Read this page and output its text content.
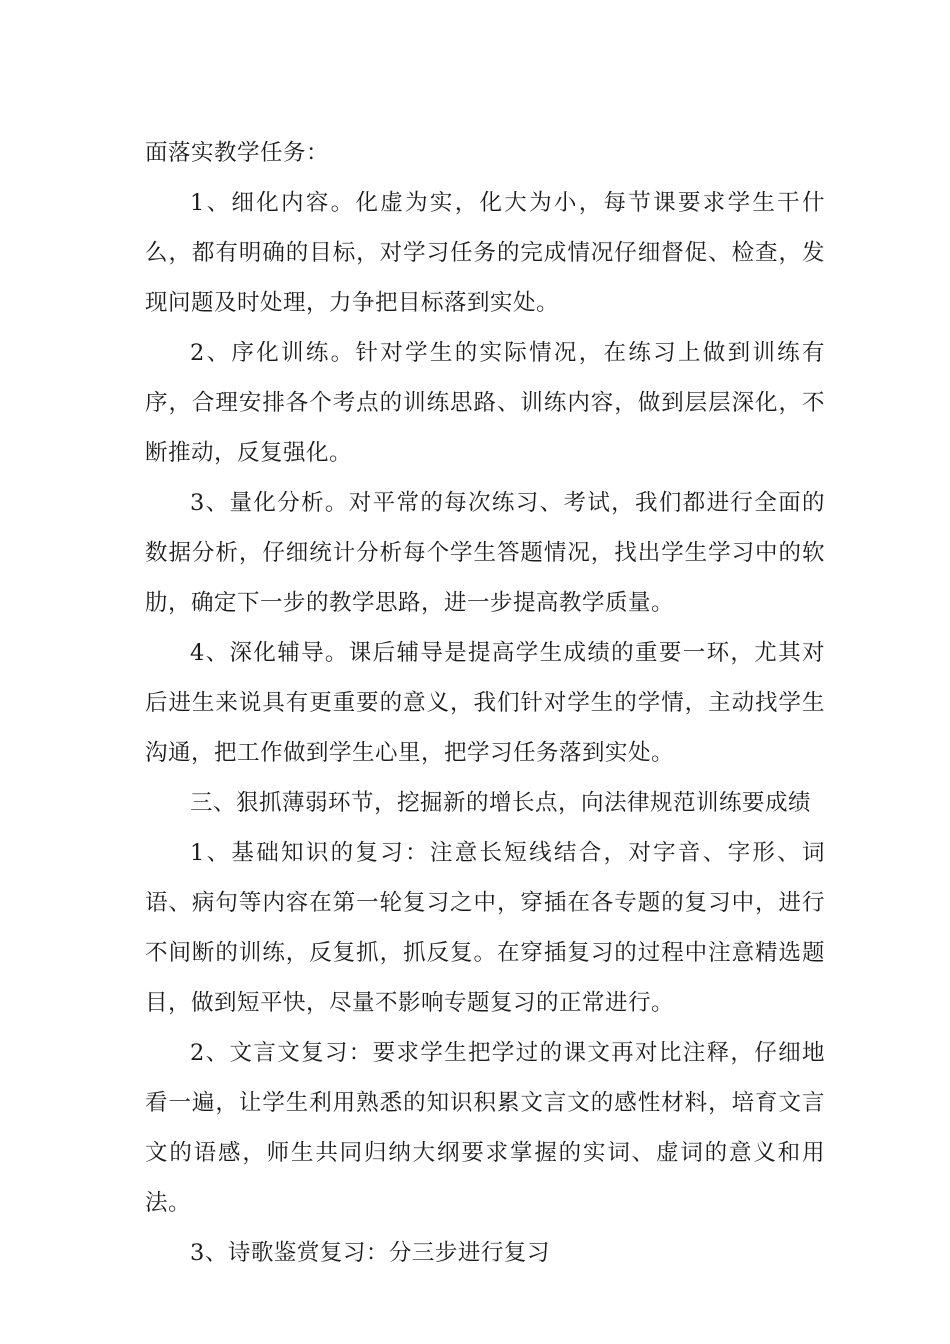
面落实教学任务：

1、细化内容。化虚为实，化大为小，每节课要求学生干什么，都有明确的目标，对学习任务的完成情况仔细督促、检查，发现问题及时处理，力争把目标落到实处。

2、序化训练。针对学生的实际情况，在练习上做到训练有序，合理安排各个考点的训练思路、训练内容，做到层层深化，不断推动，反复强化。

3、量化分析。对平常的每次练习、考试，我们都进行全面的数据分析，仔细统计分析每个学生答题情况，找出学生学习中的软肋，确定下一步的教学思路，进一步提高教学质量。

4、深化辅导。课后辅导是提高学生成绩的重要一环，尤其对后进生来说具有更重要的意义，我们针对学生的学情，主动找学生沟通，把工作做到学生心里，把学习任务落到实处。

三、狠抓薄弱环节，挖掘新的增长点，向法律规范训练要成绩

1、基础知识的复习：注意长短线结合，对字音、字形、词语、病句等内容在第一轮复习之中，穿插在各专题的复习中，进行不间断的训练，反复抓，抓反复。在穿插复习的过程中注意精选题目，做到短平快，尽量不影响专题复习的正常进行。

2、文言文复习：要求学生把学过的课文再对比注释，仔细地看一遍，让学生利用熟悉的知识积累文言文的感性材料，培育文言文的语感，师生共同归纳大纲要求掌握的实词、虚词的意义和用法。

3、诗歌鉴赏复习：分三步进行复习
